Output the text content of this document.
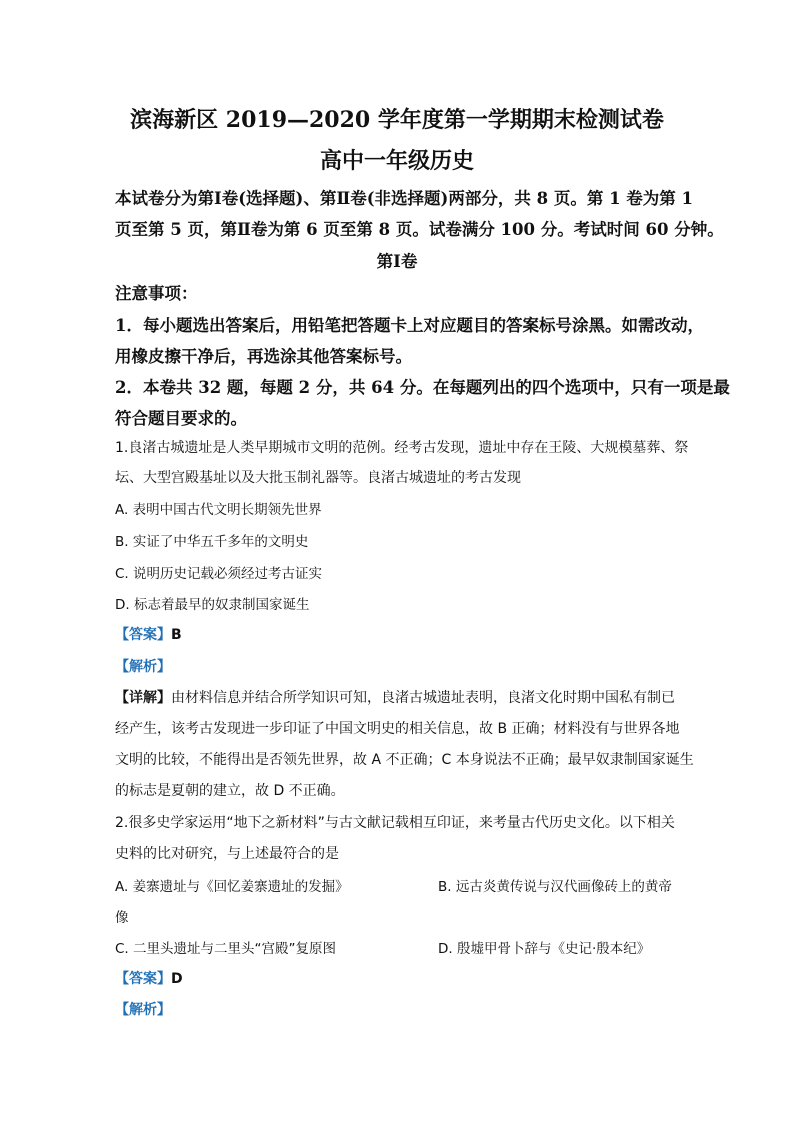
滨海新区 2019—2020 学年度第一学期期末检测试卷
高中一年级历史
本试卷分为第Ⅰ卷(选择题)、第Ⅱ卷(非选择题)两部分，共 8 页。第 1 卷为第 1
页至第 5 页，第Ⅱ卷为第 6 页至第 8 页。试卷满分 100 分。考试时间 60 分钟。
第Ⅰ卷
注意事项：
1．每小题选出答案后，用铅笔把答题卡上对应题目的答案标号涂黑。如需改动，
用橡皮擦干净后，再选涂其他答案标号。
2．本卷共 32 题，每题 2 分，共 64 分。在每题列出的四个选项中，只有一项是最
符合题目要求的。
1.良渚古城遗址是人类早期城市文明的范例。经考古发现，遗址中存在王陵、大规模墓葬、祭
坛、大型宫殿基址以及大批玉制礼器等。良渚古城遗址的考古发现
A. 表明中国古代文明长期领先世界
B. 实证了中华五千多年的文明史
C. 说明历史记载必须经过考古证实
D. 标志着最早的奴隶制国家诞生
【答案】B
【解析】
【详解】由材料信息并结合所学知识可知，良渚古城遗址表明，良渚文化时期中国私有制已
经产生，该考古发现进一步印证了中国文明史的相关信息，故 B 正确；材料没有与世界各地
文明的比较，不能得出是否领先世界，故 A 不正确；C 本身说法不正确；最早奴隶制国家诞生
的标志是夏朝的建立，故 D 不正确。
2.很多史学家运用“地下之新材料”与古文献记载相互印证，来考量古代历史文化。以下相关
史料的比对研究，与上述最符合的是
A. 姜寨遗址与《回忆姜寨遗址的发掘》	B. 远古炎黄传说与汉代画像砖上的黄帝
像
C. 二里头遗址与二里头“宫殿”复原图	D. 殷墟甲骨卜辞与《史记·殷本纪》
【答案】D
【解析】
